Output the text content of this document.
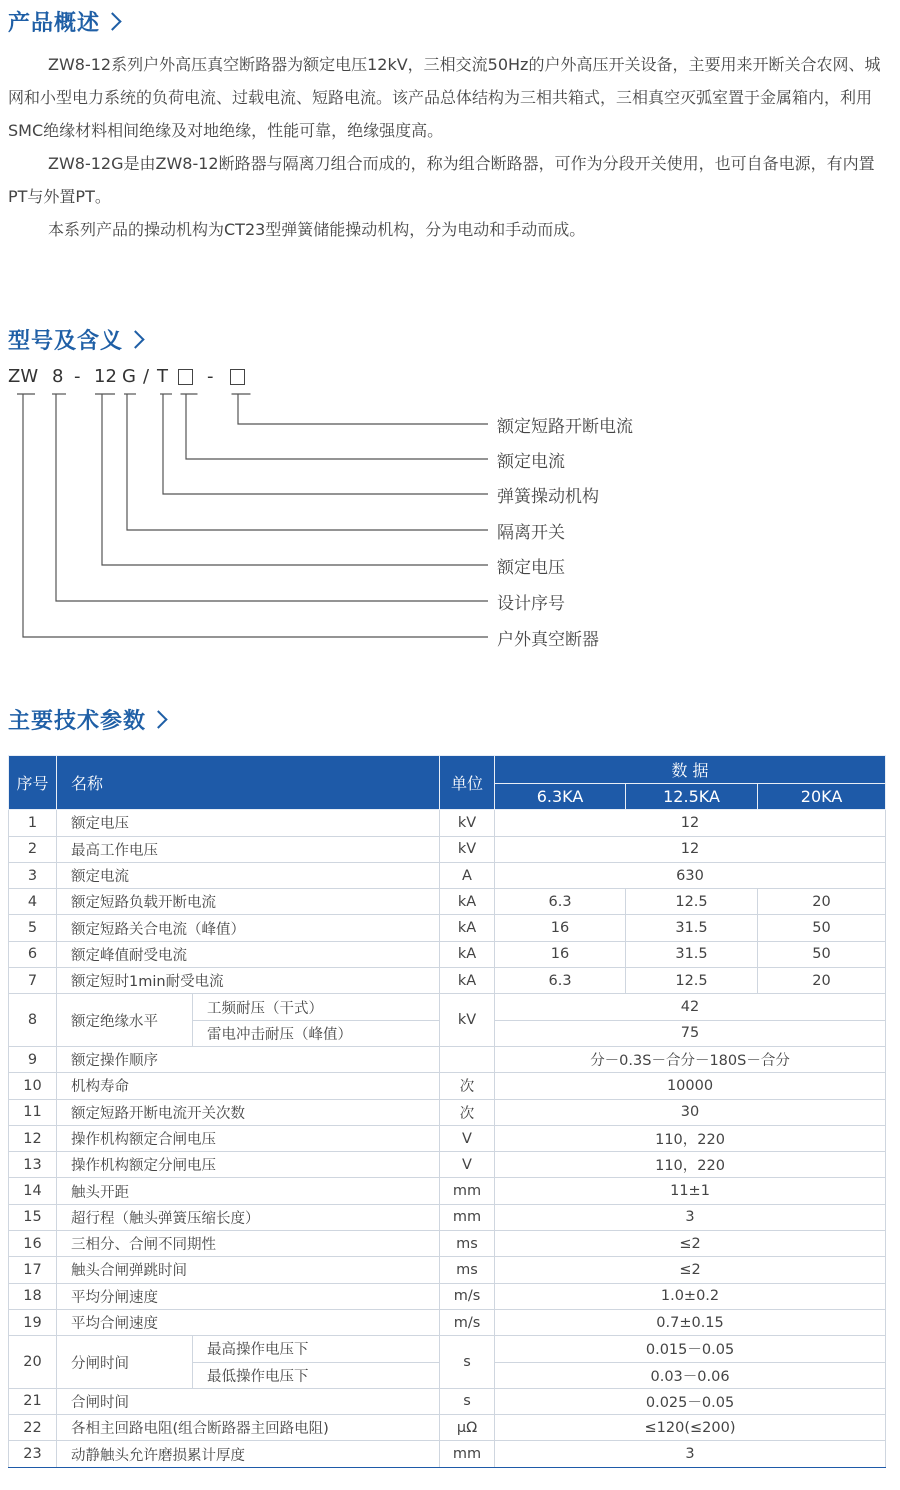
产品概述

ZW8-12系列户外高压真空断路器为额定电压12kV，三相交流50Hz的户外高压开关设备，主要用来开断关合农网、城网和小型电力系统的负荷电流、过载电流、短路电流。该产品总体结构为三相共箱式，三相真空灭弧室置于金属箱内，利用SMC绝缘材料相间绝缘及对地绝缘，性能可靠，绝缘强度高。

ZW8-12G是由ZW8-12断路器与隔离刀组合而成的，称为组合断路器，可作为分段开关使用，也可自备电源，有内置PT与外置PT。

本系列产品的操动机构为CT23型弹簧储能操动机构，分为电动和手动而成。

型号及含义
ZW 8 - 12 G / T -
额定短路开断电流
额定电流
弹簧操动机构
隔离开关
额定电压
设计序号
户外真空断器
主要技术参数
序号	名称		单位	数 据		
				6.3KA	12.5KA	20KA
1	额定电压		kV	12		
2	最高工作电压		kV	12		
3	额定电流		A	630		
4	额定短路负载开断电流		kA	6.3	12.5	20
5	额定短路关合电流（峰值）		kA	16	31.5	50
6	额定峰值耐受电流		kA	16	31.5	50
7	额定短时1min耐受电流		kA	6.3	12.5	20
8	额定绝缘水平	工频耐压（干式）	kV	42		
		雷电冲击耐压（峰值）		75		
9	额定操作顺序			分－0.3S－合分－180S－合分		
10	机构寿命		次	10000		
11	额定短路开断电流开关次数		次	30		
12	操作机构额定合闸电压		V	110，220		
13	操作机构额定分闸电压		V	110，220		
14	触头开距		mm	11±1		
15	超行程（触头弹簧压缩长度）		mm	3		
16	三相分、合闸不同期性		ms	≤2		
17	触头合闸弹跳时间		ms	≤2		
18	平均分闸速度		m/s	1.0±0.2		
19	平均合闸速度		m/s	0.7±0.15		
20	分闸时间	最高操作电压下	s	0.015－0.05		
		最低操作电压下		0.03－0.06		
21	合闸时间		s	0.025－0.05		
22	各相主回路电阻(组合断路器主回路电阻)		μΩ	≤120(≤200)		
23	动静触头允许磨损累计厚度		mm	3		
